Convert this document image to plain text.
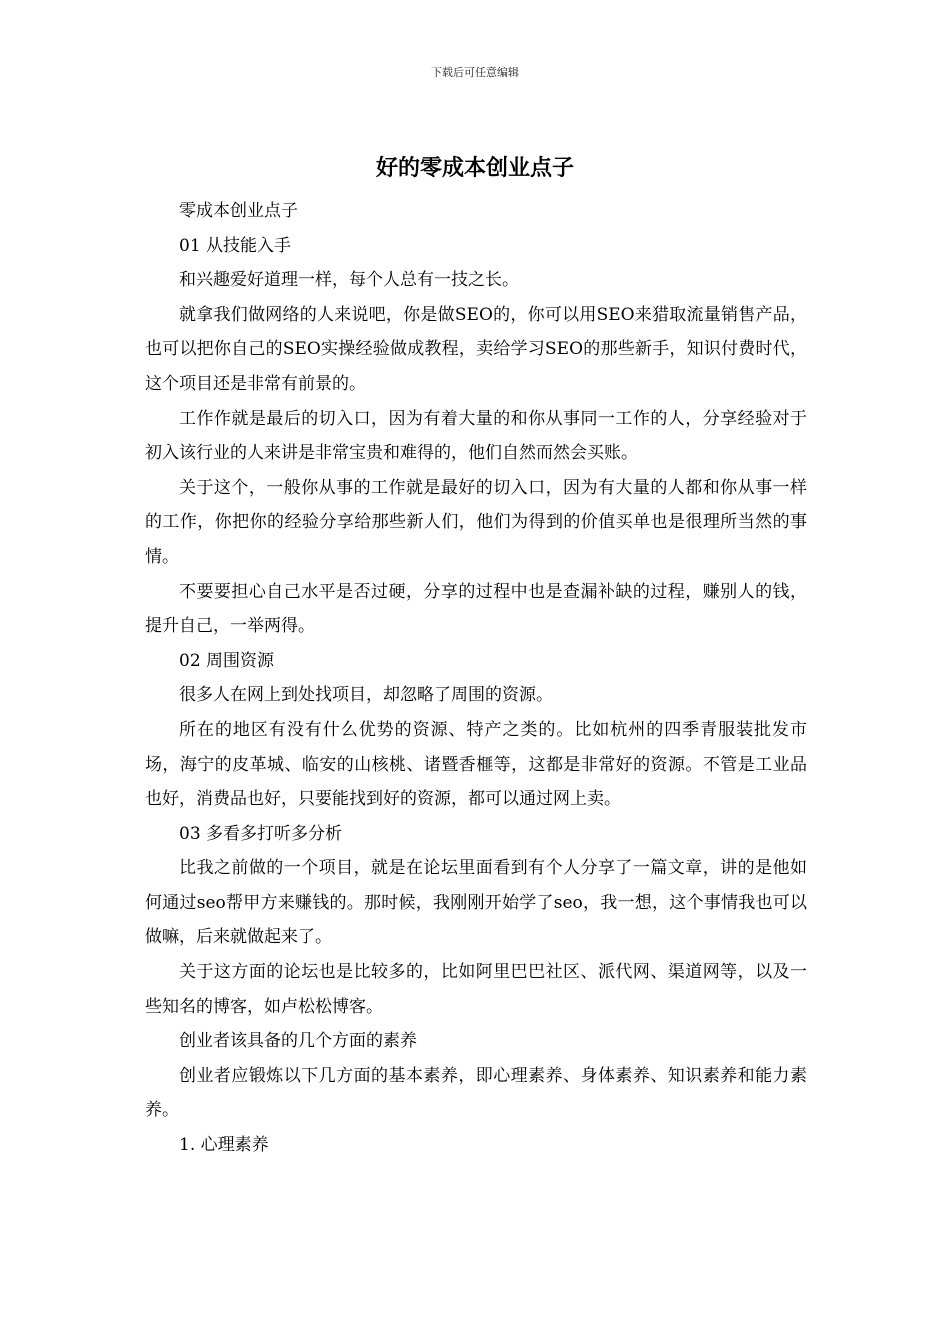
下载后可任意编辑
好的零成本创业点子

零成本创业点子

01 从技能入手

和兴趣爱好道理一样，每个人总有一技之长。

就拿我们做网络的人来说吧，你是做SEO的，你可以用SEO来猎取流量销售产品，也可以把你自己的SEO实操经验做成教程，卖给学习SEO的那些新手，知识付费时代，这个项目还是非常有前景的。

工作作就是最后的切入口，因为有着大量的和你从事同一工作的人，分享经验对于初入该行业的人来讲是非常宝贵和难得的，他们自然而然会买账。

关于这个，一般你从事的工作就是最好的切入口，因为有大量的人都和你从事一样的工作，你把你的经验分享给那些新人们，他们为得到的价值买单也是很理所当然的事情。

不要要担心自己水平是否过硬，分享的过程中也是查漏补缺的过程，赚别人的钱，提升自己，一举两得。

02 周围资源

很多人在网上到处找项目，却忽略了周围的资源。

所在的地区有没有什么优势的资源、特产之类的。比如杭州的四季青服装批发市场，海宁的皮革城、临安的山核桃、诸暨香榧等，这都是非常好的资源。不管是工业品也好，消费品也好，只要能找到好的资源，都可以通过网上卖。

03 多看多打听多分析

比我之前做的一个项目，就是在论坛里面看到有个人分享了一篇文章，讲的是他如何通过seo帮甲方来赚钱的。那时候，我刚刚开始学了seo，我一想，这个事情我也可以做嘛，后来就做起来了。

关于这方面的论坛也是比较多的，比如阿里巴巴社区、派代网、渠道网等，以及一些知名的博客，如卢松松博客。

创业者该具备的几个方面的素养

创业者应锻炼以下几方面的基本素养，即心理素养、身体素养、知识素养和能力素养。

1. 心理素养
